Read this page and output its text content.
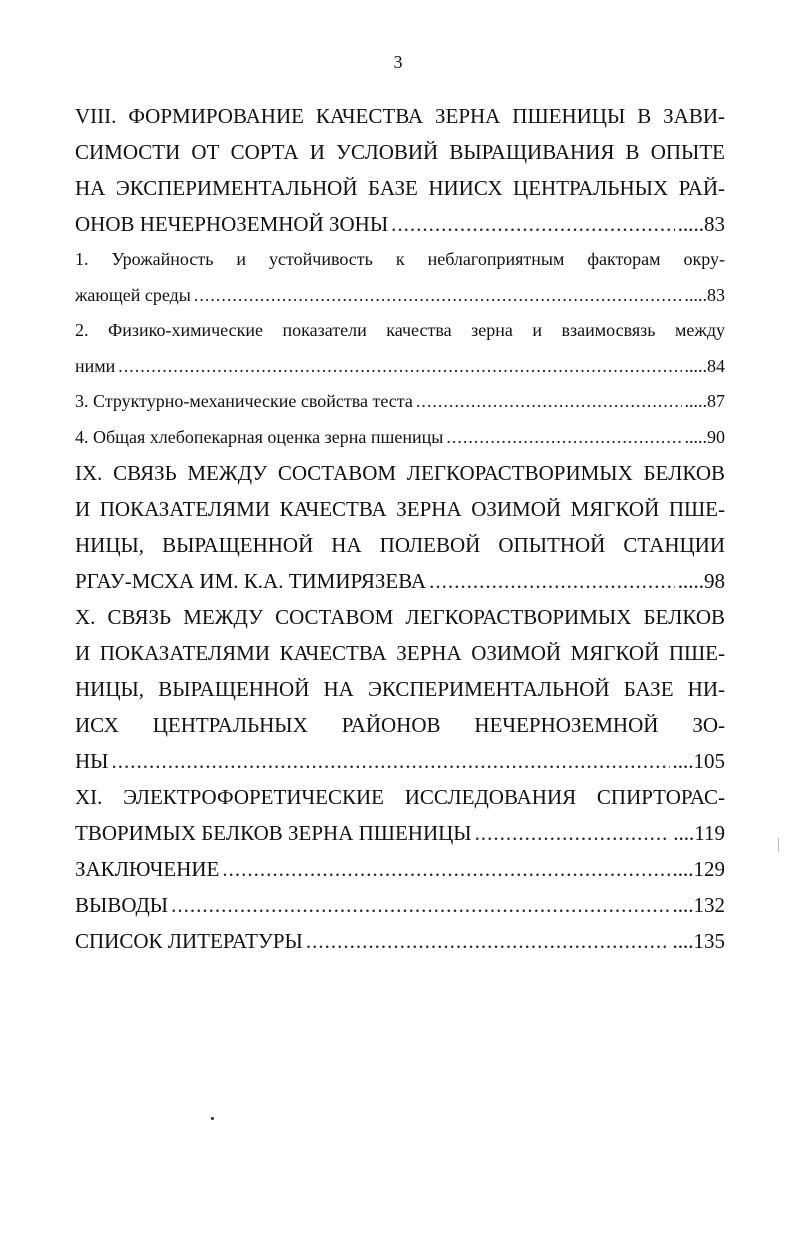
3
VIII. ФОРМИРОВАНИЕ КАЧЕСТВА ЗЕРНА ПШЕНИЦЫ В ЗАВИ-
СИМОСТИ ОТ СОРТА И УСЛОВИЙ ВЫРАЩИВАНИЯ В ОПЫТЕ
НА ЭКСПЕРИМЕНТАЛЬНОЙ БАЗЕ НИИСХ ЦЕНТРАЛЬНЫХ РАЙ-
ОНОВ НЕЧЕРНОЗЕМНОЙ ЗОНЫ .....	.....83
1. Урожайность и устойчивость к неблагоприятным факторам окру-
жающей среды .....	.....83
2. Физико-химические показатели качества зерна и взаимосвязь между
ними .....	.....84
3. Структурно-механические свойства теста .....	.....87
4. Общая хлебопекарная оценка зерна пшеницы .....	.....90
IX. СВЯЗЬ МЕЖДУ СОСТАВОМ ЛЕГКОРАСТВОРИМЫХ БЕЛКОВ
И ПОКАЗАТЕЛЯМИ КАЧЕСТВА ЗЕРНА ОЗИМОЙ МЯГКОЙ ПШЕ-
НИЦЫ, ВЫРАЩЕННОЙ НА ПОЛЕВОЙ ОПЫТНОЙ СТАНЦИИ
РГАУ-МСХА ИМ. К.А. ТИМИРЯЗЕВА .....	.....98
X. СВЯЗЬ МЕЖДУ СОСТАВОМ ЛЕГКОРАСТВОРИМЫХ БЕЛКОВ
И ПОКАЗАТЕЛЯМИ КАЧЕСТВА ЗЕРНА ОЗИМОЙ МЯГКОЙ ПШЕ-
НИЦЫ, ВЫРАЩЕННОЙ НА ЭКСПЕРИМЕНТАЛЬНОЙ БАЗЕ НИ-
ИСХ ЦЕНТРАЛЬНЫХ РАЙОНОВ НЕЧЕРНОЗЕМНОЙ ЗО-
НЫ .....	....105
XI. ЭЛЕКТРОФОРЕТИЧЕСКИЕ ИССЛЕДОВАНИЯ СПИРТОРАС-
ТВОРИМЫХ БЕЛКОВ ЗЕРНА ПШЕНИЦЫ .....	....119
ЗАКЛЮЧЕНИЕ .....	....129
ВЫВОДЫ .....	....132
СПИСОК ЛИТЕРАТУРЫ .....	....135
